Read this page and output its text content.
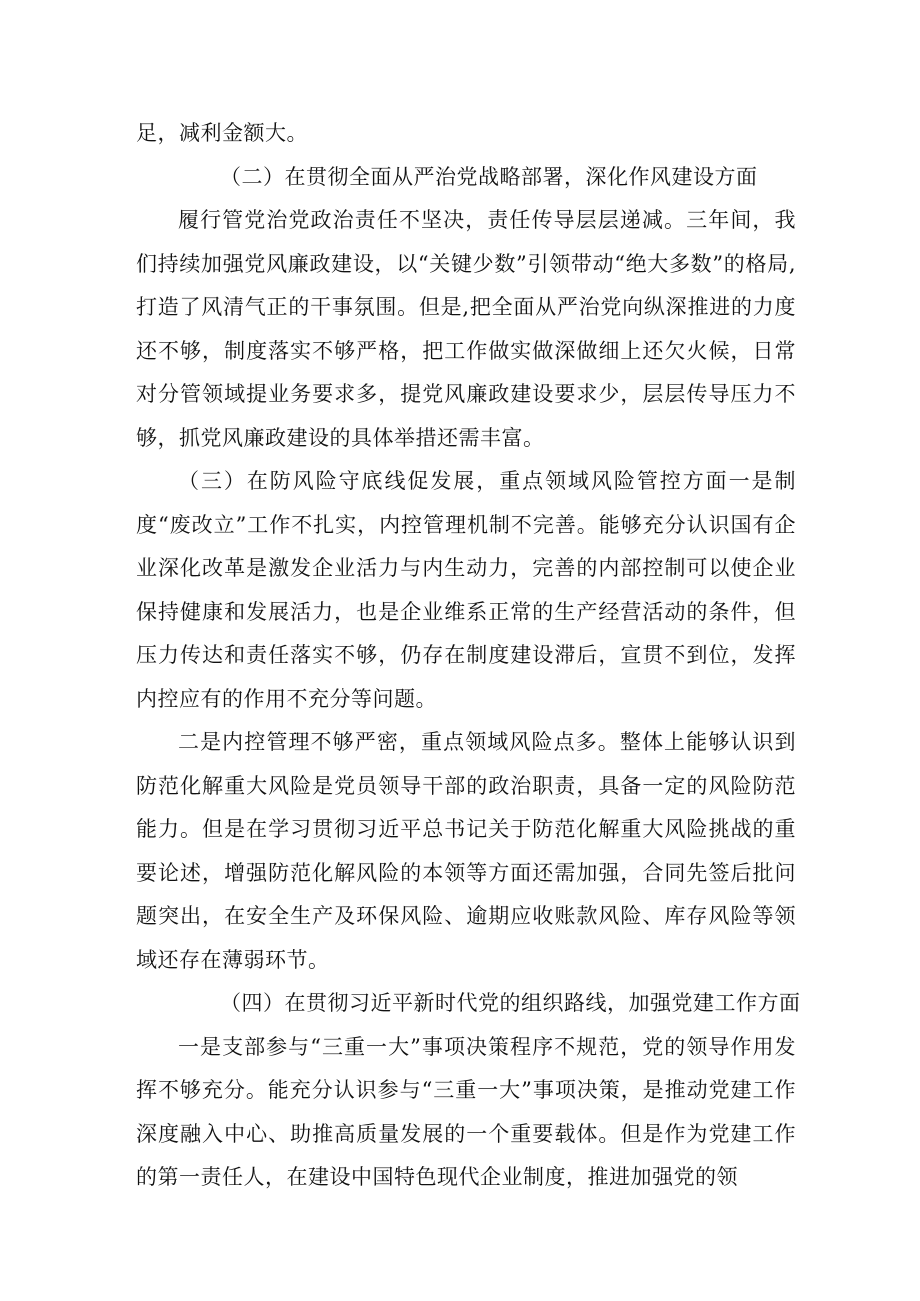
足，减利金额大。

（二）在贯彻全面从严治党战略部署，深化作风建设方面

履行管党治党政治责任不坚决，责任传导层层递减。三年间，我们持续加强党风廉政建设，以“关键少数”引领带动“绝大多数”的格局,打造了风清气正的干事氛围。但是,把全面从严治党向纵深推进的力度还不够，制度落实不够严格，把工作做实做深做细上还欠火候，日常对分管领域提业务要求多，提党风廉政建设要求少，层层传导压力不够，抓党风廉政建设的具体举措还需丰富。

（三）在防风险守底线促发展，重点领域风险管控方面一是制度“废改立”工作不扎实，内控管理机制不完善。能够充分认识国有企业深化改革是激发企业活力与内生动力，完善的内部控制可以使企业保持健康和发展活力，也是企业维系正常的生产经营活动的条件，但压力传达和责任落实不够，仍存在制度建设滞后，宣贯不到位，发挥内控应有的作用不充分等问题。

二是内控管理不够严密，重点领域风险点多。整体上能够认识到防范化解重大风险是党员领导干部的政治职责，具备一定的风险防范能力。但是在学习贯彻习近平总书记关于防范化解重大风险挑战的重要论述，增强防范化解风险的本领等方面还需加强，合同先签后批问题突出，在安全生产及环保风险、逾期应收账款风险、库存风险等领域还存在薄弱环节。

（四）在贯彻习近平新时代党的组织路线，加强党建工作方面

一是支部参与“三重一大”事项决策程序不规范，党的领导作用发挥不够充分。能充分认识参与“三重一大”事项决策，是推动党建工作深度融入中心、助推高质量发展的一个重要载体。但是作为党建工作的第一责任人，在建设中国特色现代企业制度，推进加强党的领
